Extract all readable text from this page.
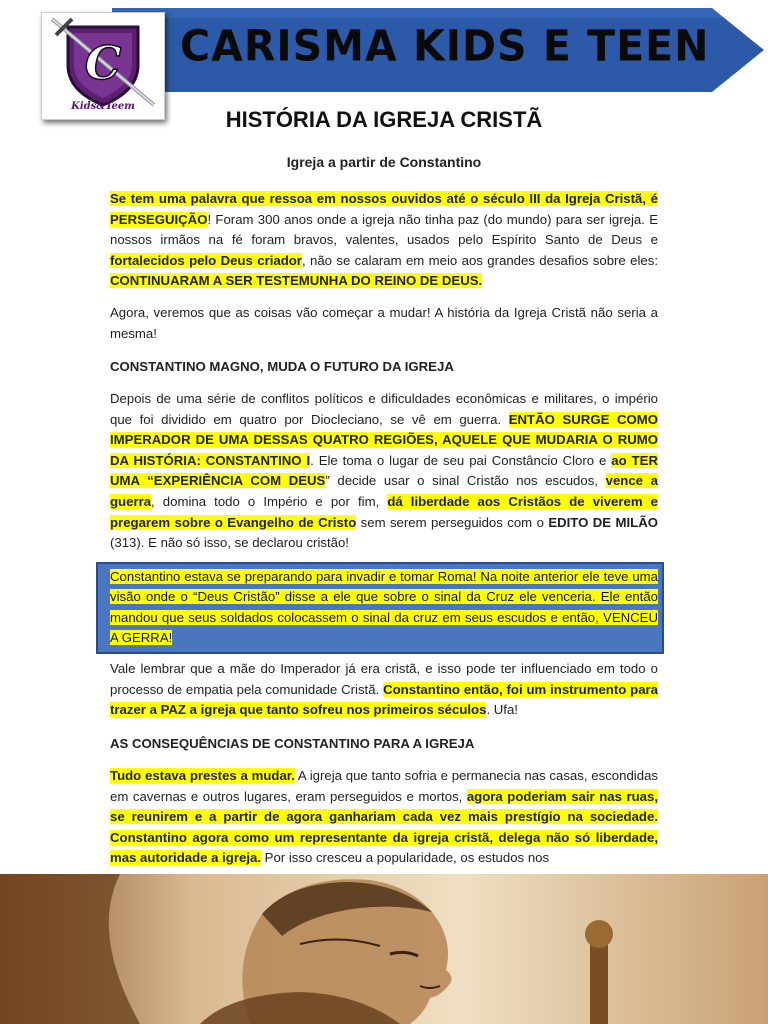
CARISMA KIDS E TEEN
C
Kids&Teem
HISTÓRIA DA IGREJA CRISTÃ
Igreja a partir de Constantino

Se tem uma palavra que ressoa em nossos ouvidos até o século III da Igreja Cristã, é PERSEGUIÇÃO! Foram 300 anos onde a igreja não tinha paz (do mundo) para ser igreja. E nossos irmãos na fé foram bravos, valentes, usados pelo Espírito Santo de Deus e fortalecidos pelo Deus criador, não se calaram em meio aos grandes desafios sobre eles: CONTINUARAM A SER TESTEMUNHA DO REINO DE DEUS.

Agora, veremos que as coisas vão começar a mudar! A história da Igreja Cristã não seria a mesma!

CONSTANTINO MAGNO, MUDA O FUTURO DA IGREJA

Depois de uma série de conflitos políticos e dificuldades econômicas e militares, o império que foi dividido em quatro por Diocleciano, se vê em guerra. ENTÃO SURGE COMO IMPERADOR DE UMA DESSAS QUATRO REGIÕES, AQUELE QUE MUDARIA O RUMO DA HISTÓRIA: CONSTANTINO I. Ele toma o lugar de seu pai Constâncio Cloro e ao TER UMA “EXPERIÊNCIA COM DEUS” decide usar o sinal Cristão nos escudos, vence a guerra, domina todo o Império e por fim, dá liberdade aos Cristãos de viverem e pregarem sobre o Evangelho de Cristo sem serem perseguidos com o EDITO DE MILÃO (313). E não só isso, se declarou cristão!

Constantino estava se preparando para invadir e tomar Roma! Na noite anterior ele teve uma visão onde o “Deus Cristão” disse a ele que sobre o sinal da Cruz ele venceria. Ele então mandou que seus soldados colocassem o sinal da cruz em seus escudos e então, VENCEU A GERRA!

Vale lembrar que a mãe do Imperador já era cristã, e isso pode ter influenciado em todo o processo de empatia pela comunidade Cristã. Constantino então, foi um instrumento para trazer a PAZ a igreja que tanto sofreu nos primeiros séculos. Ufa!

AS CONSEQUÊNCIAS DE CONSTANTINO PARA A IGREJA

Tudo estava prestes a mudar. A igreja que tanto sofria e permanecia nas casas, escondidas em cavernas e outros lugares, eram perseguidos e mortos, agora poderiam sair nas ruas, se reunirem e a partir de agora ganhariam cada vez mais prestígio na sociedade. Constantino agora como um representante da igreja cristã, delega não só liberdade, mas autoridade a igreja. Por isso cresceu a popularidade, os estudos nos
